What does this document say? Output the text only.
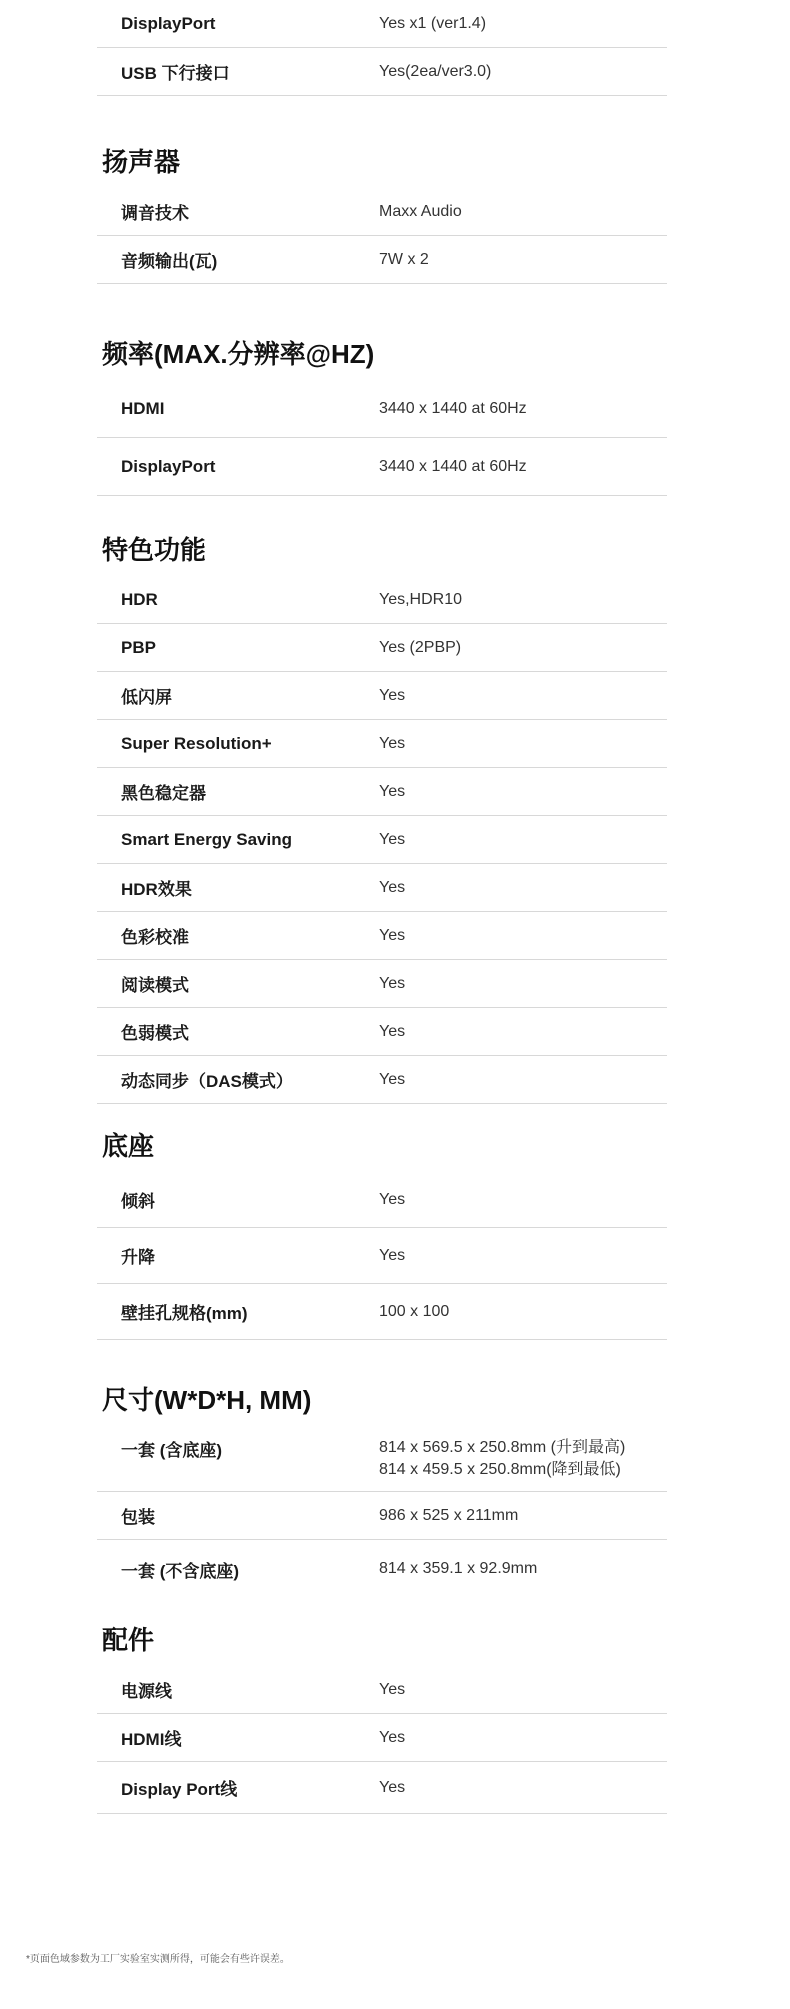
DisplayPort	Yes x1 (ver1.4)
USB 下行接口	Yes(2ea/ver3.0)
扬声器
调音技术	Maxx Audio
音频输出(瓦)	7W x 2
频率(MAX.分辨率@HZ)
HDMI	3440 x 1440 at 60Hz
DisplayPort	3440 x 1440 at 60Hz
特色功能
HDR	Yes,HDR10
PBP	Yes (2PBP)
低闪屏	Yes
Super Resolution+	Yes
黑色稳定器	Yes
Smart Energy Saving	Yes
HDR效果	Yes
色彩校准	Yes
阅读模式	Yes
色弱模式	Yes
动态同步（DAS模式）	Yes
底座
倾斜	Yes
升降	Yes
壁挂孔规格(mm)	100 x 100
尺寸(W*D*H, MM)
一套 (含底座)	814 x 569.5 x 250.8mm (升到最高)
814 x 459.5 x 250.8mm(降到最低)
包装	986 x 525 x 211mm
一套 (不含底座)	814 x 359.1 x 92.9mm
配件
电源线	Yes
HDMI线	Yes
Display Port线	Yes
*页面色域参数为工厂实验室实测所得，可能会有些许误差。
